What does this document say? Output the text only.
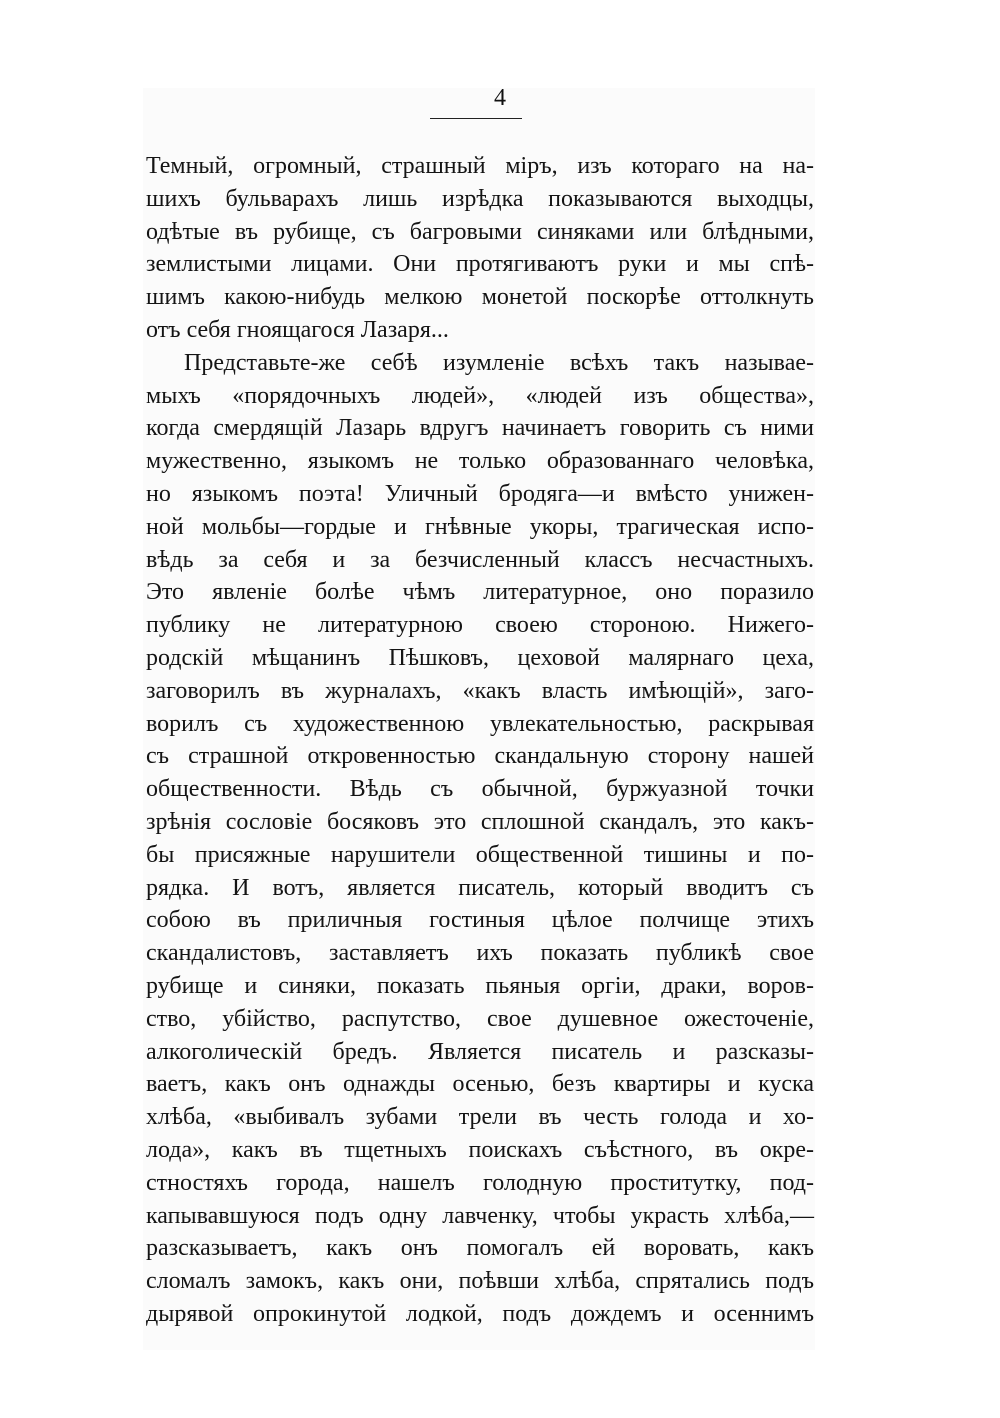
4
Темный, огромный, страшный міръ, изъ котораго на на-
шихъ бульварахъ лишь изрѣдка показываются выходцы,
одѣтые въ рубище, съ багровыми синяками или блѣдными,
землистыми лицами. Они протягиваютъ руки и мы спѣ-
шимъ какою-нибудь мелкою монетой поскорѣе оттолкнуть
отъ себя гноящагося Лазаря...
Представьте-же себѣ изумленіе всѣхъ такъ называе-
мыхъ «порядочныхъ людей», «людей изъ общества»,
когда смердящій Лазарь вдругъ начинаетъ говорить съ ними
мужественно, языкомъ не только образованнаго человѣка,
но языкомъ поэта! Уличный бродяга—и вмѣсто унижен-
ной мольбы—гордые и гнѣвные укоры, трагическая испо-
вѣдь за себя и за безчисленный классъ несчастныхъ.
Это явленіе болѣе чѣмъ литературное, оно поразило
публику не литературною своею стороною. Нижего-
родскій мѣщанинъ Пѣшковъ, цеховой малярнаго цеха,
заговорилъ въ журналахъ, «какъ власть имѣющій», заго-
ворилъ съ художественною увлекательностью, раскрывая
съ страшной откровенностью скандальную сторону нашей
общественности. Вѣдь съ обычной, буржуазной точки
зрѣнія сословіе босяковъ это сплошной скандалъ, это какъ-
бы присяжные нарушители общественной тишины и по-
рядка. И вотъ, является писатель, который вводитъ съ
собою въ приличныя гостиныя цѣлое полчище этихъ
скандалистовъ, заставляетъ ихъ показать публикѣ свое
рубище и синяки, показать пьяныя оргіи, драки, воров-
ство, убійство, распутство, свое душевное ожесточеніе,
алкоголическій бредъ. Является писатель и разсказы-
ваетъ, какъ онъ однажды осенью, безъ квартиры и куска
хлѣба, «выбивалъ зубами трели въ честь голода и хо-
лода», какъ въ тщетныхъ поискахъ съѣстного, въ окре-
стностяхъ города, нашелъ голодную проститутку, под-
капывавшуюся подъ одну лавченку, чтобы украсть хлѣба,—
разсказываетъ, какъ онъ помогалъ ей воровать, какъ
сломалъ замокъ, какъ они, поѣвши хлѣба, спрятались подъ
дырявой опрокинутой лодкой, подъ дождемъ и осеннимъ
